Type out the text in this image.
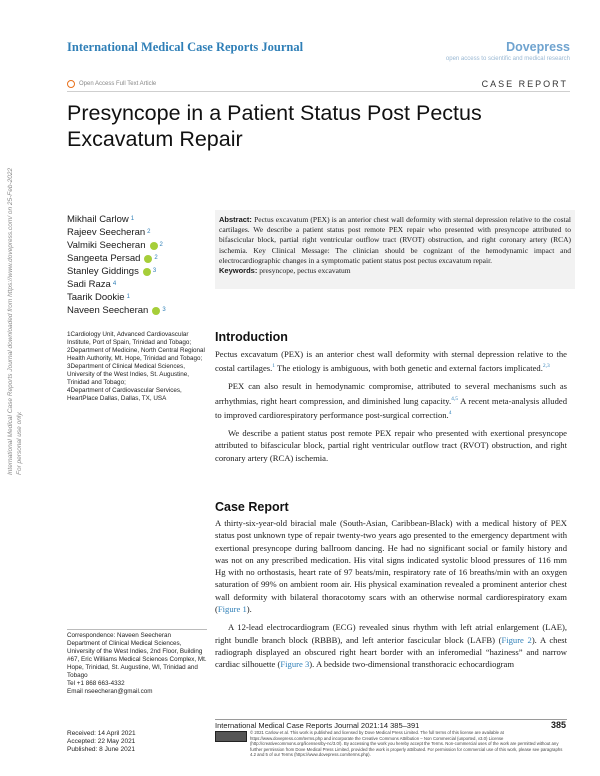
International Medical Case Reports Journal	Dovepress
open access to scientific and medical research
Open Access Full Text Article	CASE REPORT
Presyncope in a Patient Status Post Pectus Excavatum Repair
International Medical Case Reports Journal downloaded from https://www.dovepress.com/ on 25-Feb-2022 For personal use only.
Mikhail Carlow 1
Rajeev Seecheran 2
Valmiki Seecheran 2
Sangeeta Persad 2
Stanley Giddings 3
Sadi Raza 4
Taarik Dookie 1
Naveen Seecheran 3
1Cardiology Unit, Advanced Cardiovascular Institute, Port of Spain, Trinidad and Tobago;
2Department of Medicine, North Central Regional Health Authority, Mt. Hope, Trinidad and Tobago;
3Department of Clinical Medical Sciences, University of the West Indies, St. Augustine, Trinidad and Tobago;
4Department of Cardiovascular Services, HeartPlace Dallas, Dallas, TX, USA
Correspondence: Naveen Seecheran
Department of Clinical Medical Sciences, University of the West Indies, 2nd Floor, Building #67, Eric Williams Medical Sciences Complex, Mt. Hope, Trinidad, St. Augustine, WI, Trinidad and Tobago
Tel +1 868 663-4332
Email nseecheran@gmail.com
Received: 14 April 2021
Accepted: 22 May 2021
Published: 8 June 2021
Abstract: Pectus excavatum (PEX) is an anterior chest wall deformity with sternal depression relative to the costal cartilages. We describe a patient status post remote PEX repair who presented with presyncope attributed to bifascicular block, partial right ventricular outflow tract (RVOT) obstruction, and right coronary artery (RCA) ischemia. Key Clinical Message: The clinician should be cognizant of the hemodynamic impact and electrocardiographic changes in a symptomatic patient status post pectus excavatum repair.
Keywords: presyncope, pectus excavatum
Introduction

Pectus excavatum (PEX) is an anterior chest wall deformity with sternal depression relative to the costal cartilages.$^1$ The etiology is ambiguous, with both genetic and external factors implicated.$^{2,3}$

PEX can also result in hemodynamic compromise, attributed to several mechanisms such as arrhythmias, right heart compression, and diminished lung capacity.$^{4,5}$ A recent meta-analysis alluded to improved cardiorespiratory performance post-surgical correction.$^4$

We describe a patient status post remote PEX repair who presented with exertional presyncope attributed to bifascicular block, partial right ventricular outflow tract (RVOT) obstruction, and right coronary artery (RCA) ischemia.

Case Report

A thirty-six-year-old biracial male (South-Asian, Caribbean-Black) with a medical history of PEX status post unknown type of repair twenty-two years ago presented to the emergency department with exertional presyncope during ballroom dancing. He had no significant social or family history and was not on any prescribed medication. His vital signs indicated systolic blood pressures of 116 mm Hg with no orthostasis, heart rate of 97 beats/min, respiratory rate of 16 breaths/min with an oxygen saturation of 99% on ambient room air. His physical examination revealed a prominent anterior chest wall deformity with bilateral thoracotomy scars with an otherwise normal cardiorespiratory exam (Figure 1).

A 12-lead electrocardiogram (ECG) revealed sinus rhythm with left atrial enlargement (LAE), right bundle branch block (RBBB), and left anterior fascicular block (LAFB) (Figure 2). A chest radiograph displayed an obscured right heart border with an inferomedial “haziness” and narrow cardiac silhouette (Figure 3). A bedside two-dimensional transthoracic echocardiogram

International Medical Case Reports Journal 2021:14 385–391	385
© 2021 Carlow et al. This work is published and licensed by Dove Medical Press Limited. The full terms of this license are available at https://www.dovepress.com/terms.php and incorporate the Creative Commons Attribution – Non Commercial (unported, v3.0) License (http://creativecommons.org/licenses/by-nc/3.0/). By accessing the work you hereby accept the Terms. Non-commercial uses of the work are permitted without any further permission from Dove Medical Press Limited, provided the work is properly attributed. For permission for commercial use of this work, please see paragraphs 4.2 and 5 of our Terms (https://www.dovepress.com/terms.php).
